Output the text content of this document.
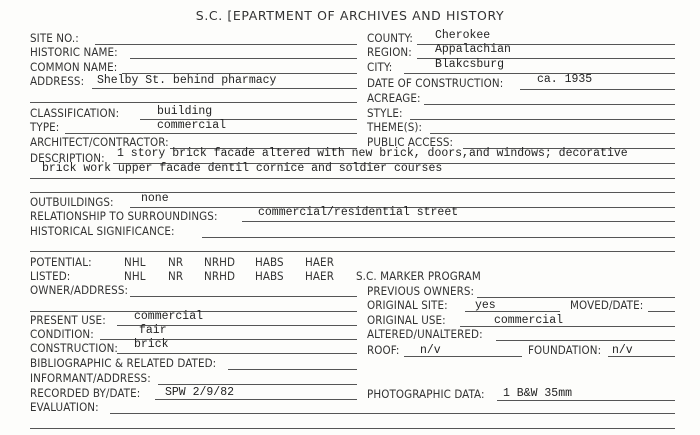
S.C. [EPARTMENT OF ARCHIVES AND HISTORY
SITE NO.:
HISTORIC NAME:
COMMON NAME:
ADDRESS: Shelby St. behind pharmacy
CLASSIFICATION:	building
TYPE:	commercial
ARCHITECT/CONTRACTOR:
COUNTY: Cherokee
REGION: Appalachian
CITY:	Blakcsburg
DATE OF CONSTRUCTION:	ca. 1935
ACREAGE:
STYLE:
THEME(S):
PUBLIC ACCESS:
DESCRIPTION: 1 story brick facade altered with new brick, doors,and windows; decorative
brick work upper facade dentil cornice and soldier courses
OUTBUILDINGS: none
RELATIONSHIP TO SURROUNDINGS:	commercial/residential street
HISTORICAL SIGNIFICANCE:
POTENTIAL:	NHL NR NRHD HABS HAER
LISTED:	NHL NR NRHD HABS HAER S.C. MARKER PROGRAM
OWNER/ADDRESS:	PREVIOUS OWNERS:
ORIGINAL SITE: yes	MOVED/DATE:
PRESENT USE: commercial	ORIGINAL USE:	commercial
CONDITION:	fair	ALTERED/UNALTERED:
CONSTRUCTION: brick	ROOF: n/v	FOUNDATION: n/v
BIBLIOGRAPHIC & RELATED DATED:
INFORMANT/ADDRESS:
RECORDED BY/DATE: SPW 2/9/82	PHOTOGRAPHIC DATA: 1 B&W 35mm
EVALUATION:
